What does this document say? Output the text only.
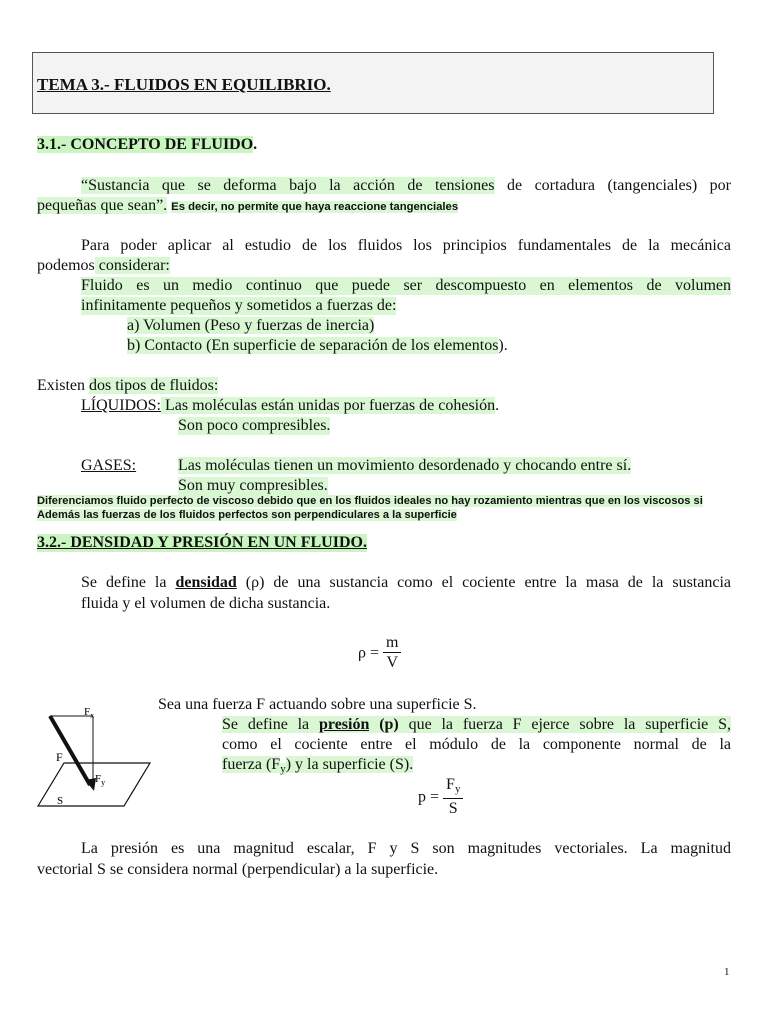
TEMA 3.- FLUIDOS EN EQUILIBRIO.
3.1.- CONCEPTO DE FLUIDO.
“Sustancia que se deforma bajo la acción de tensiones de cortadura (tangenciales) por
pequeñas que sean”. Es decir, no permite que haya reaccione tangenciales
Para poder aplicar al estudio de los fluidos los principios fundamentales de la mecánica
podemos considerar:
Fluido es un medio continuo que puede ser descompuesto en elementos de volumen
infinitamente pequeños y sometidos a fuerzas de:
a) Volumen (Peso y fuerzas de inercia)
b) Contacto (En superficie de separación de los elementos).
Existen dos tipos de fluidos:
LÍQUIDOS: Las moléculas están unidas por fuerzas de cohesión.
Son poco compresibles.
GASES:	Las moléculas tienen un movimiento desordenado y chocando entre sí.
Son muy compresibles.
Diferenciamos fluido perfecto de viscoso debido que en los fluidos ideales no hay rozamiento mientras que en los viscosos si
Además las fuerzas de los fluidos perfectos son perpendiculares a la superficie
3.2.- DENSIDAD Y PRESIÓN EN UN FLUIDO.
Se define la densidad (ρ) de una sustancia como el cociente entre la masa de la sustancia
fluida y el volumen de dicha sustancia.
$\rho = \frac{m}{V}$
$F_x$
F
$F_y$
S
Sea una fuerza F actuando sobre una superficie S.
Se define la presión (p) que la fuerza F ejerce sobre la superficie S,
como el cociente entre el módulo de la componente normal de la
fuerza $(F_y)$ y la superficie (S).
$p = \frac{F_y}{S}$
La presión es una magnitud escalar, F y S son magnitudes vectoriales. La magnitud
vectorial S se considera normal (perpendicular) a la superficie.
1
